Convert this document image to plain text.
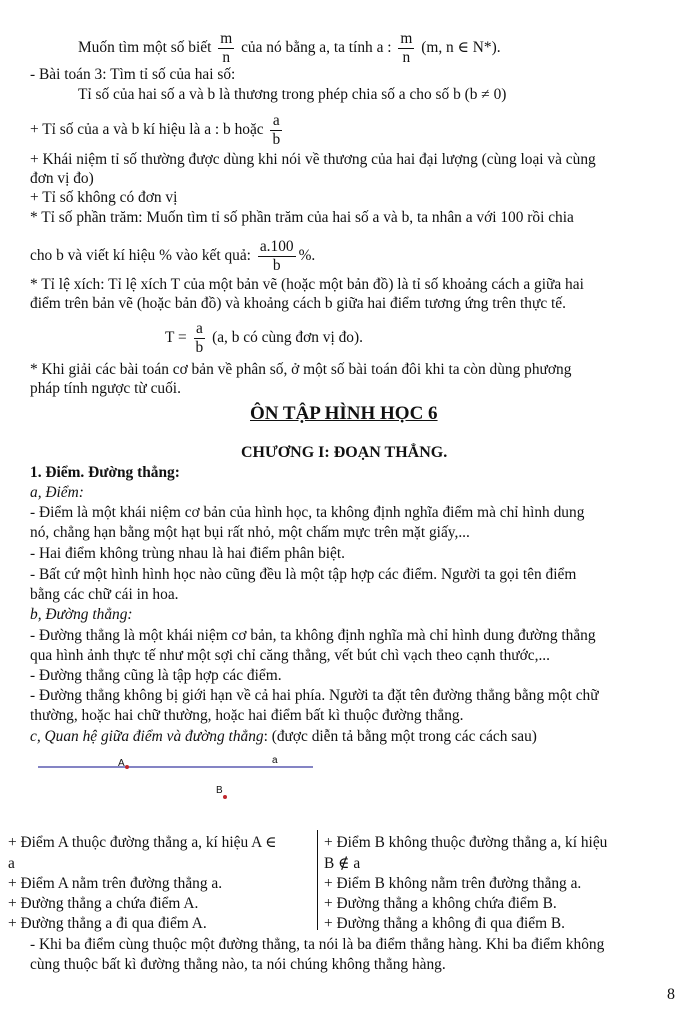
Muốn tìm một số biết $\frac{m}{n}$ của nó bằng a, ta tính a : $\frac{m}{n} (m$, n ∈ N*).
- Bài toán 3: Tìm tỉ số của hai số:
Tỉ số của hai số a và b là thương trong phép chia số a cho số b (b ≠ 0)
+ Tỉ số của a và b kí hiệu là a : b hoặc $\frac{a}{b}$
+ Khái niệm tỉ số thường được dùng khi nói về thương của hai đại lượng (cùng loại và cùng
đơn vị đo)
+ Tỉ số không có đơn vị
* Tỉ số phần trăm: Muốn tìm tỉ số phần trăm của hai số a và b, ta nhân a với 100 rồi chia
cho b và viết kí hiệu % vào kết quả: $\frac{a.100}{b}$ %.
* Tỉ lệ xích: Tỉ lệ xích T của một bản vẽ (hoặc một bản đồ) là tỉ số khoảng cách a giữa hai
điểm trên bản vẽ (hoặc bản đồ) và khoảng cách b giữa hai điểm tương ứng trên thực tế.
$T = \frac{a}{b} (a$, b có cùng đơn vị đo).
* Khi giải các bài toán cơ bản về phân số, ở một số bài toán đôi khi ta còn dùng phương
pháp tính ngược từ cuối.
ÔN TẬP HÌNH HỌC 6
CHƯƠNG I: ĐOẠN THẲNG.
1. Điểm. Đường thẳng:
a, Điểm:
- Điểm là một khái niệm cơ bản của hình học, ta không định nghĩa điểm mà chỉ hình dung
nó, chẳng hạn bằng một hạt bụi rất nhỏ, một chấm mực trên mặt giấy,...
- Hai điểm không trùng nhau là hai điểm phân biệt.
- Bất cứ một hình hình học nào cũng đều là một tập hợp các điểm. Người ta gọi tên điểm
bằng các chữ cái in hoa.
b, Đường thẳng:
- Đường thẳng là một khái niệm cơ bản, ta không định nghĩa mà chỉ hình dung đường thẳng
qua hình ảnh thực tế như một sợi chỉ căng thẳng, vết bút chì vạch theo cạnh thước,...
- Đường thẳng cũng là tập hợp các điểm.
- Đường thẳng không bị giới hạn về cả hai phía. Người ta đặt tên đường thẳng bằng một chữ
thường, hoặc hai chữ thường, hoặc hai điểm bất kì thuộc đường thẳng.
c, Quan hệ giữa điểm và đường thẳng: (được diễn tả bằng một trong các cách sau)
A	a
B
+ Điểm A thuộc đường thẳng a, kí hiệu A ∈
a
+ Điểm A nằm trên đường thẳng a.
+ Đường thẳng a chứa điểm A.
+ Đường thẳng a đi qua điểm A.
+ Điểm B không thuộc đường thẳng a, kí hiệu
B ∉ a
+ Điểm B không nằm trên đường thẳng a.
+ Đường thẳng a không chứa điểm B.
+ Đường thẳng a không đi qua điểm B.
- Khi ba điểm cùng thuộc một đường thẳng, ta nói là ba điểm thẳng hàng. Khi ba điểm không
cùng thuộc bất kì đường thẳng nào, ta nói chúng không thẳng hàng.
8
